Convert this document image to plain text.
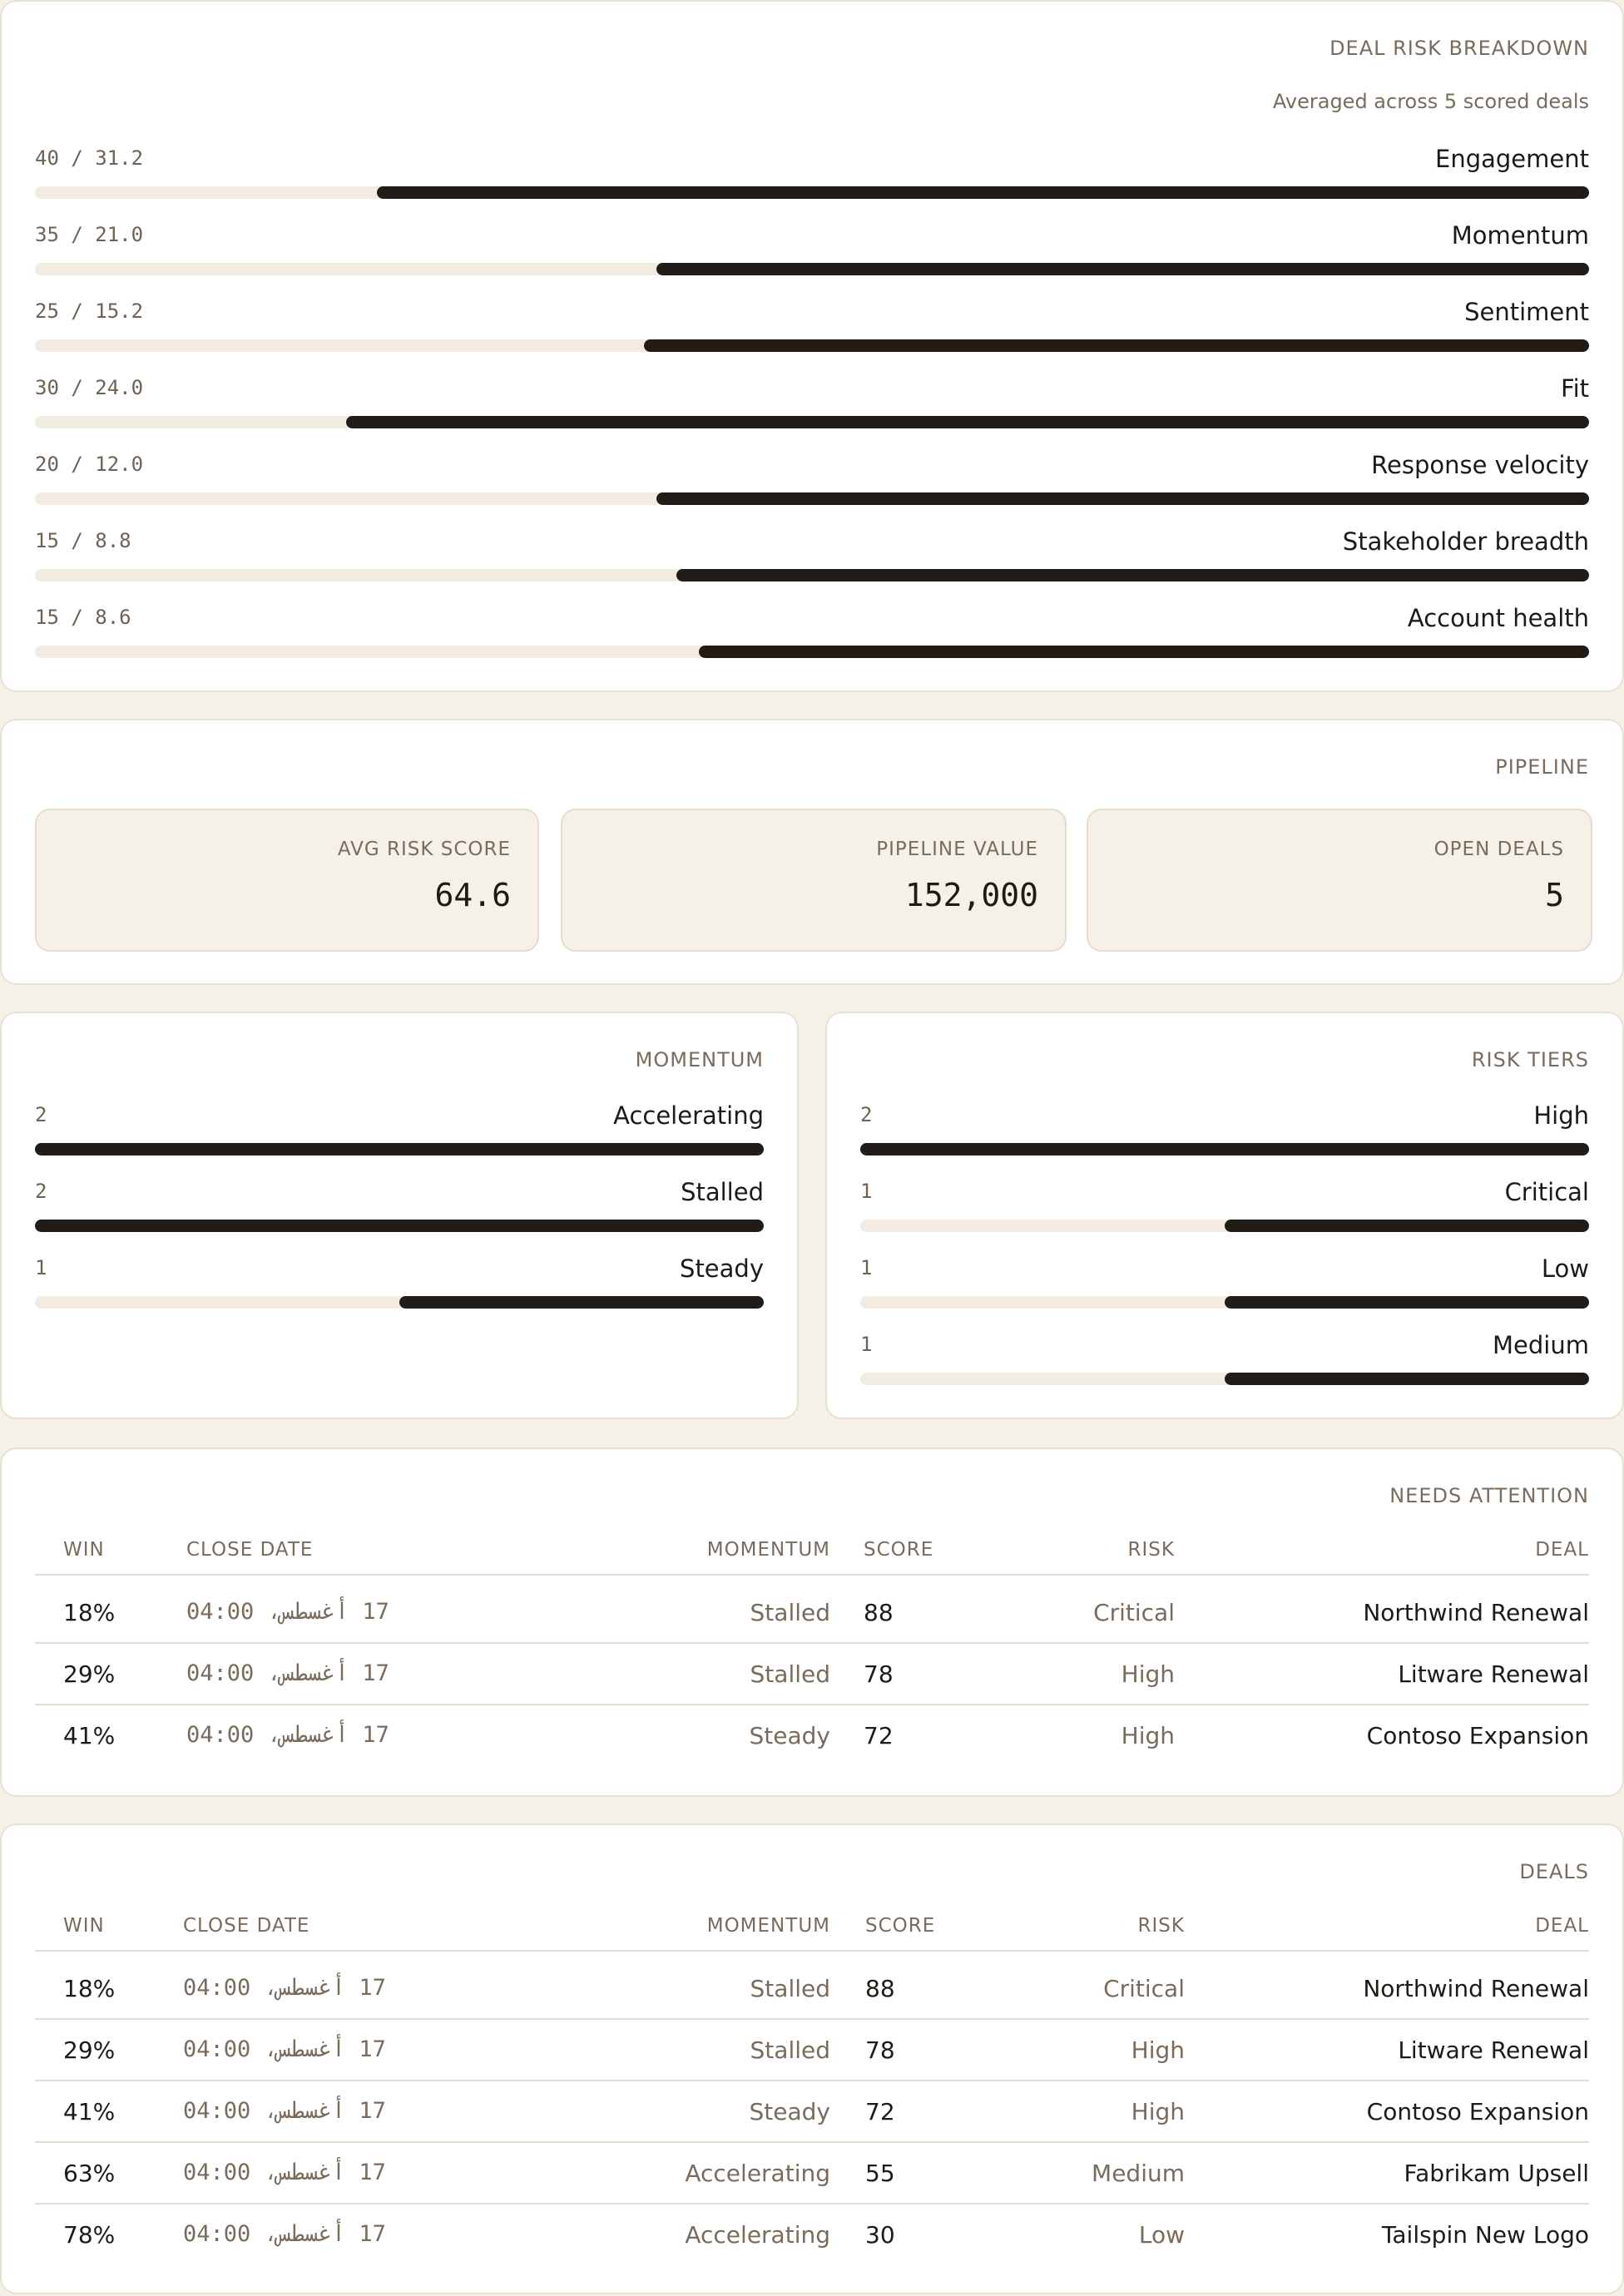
DEAL RISK BREAKDOWN
Averaged across 5 scored deals
40 / 31.2	Engagement
35 / 21.0	Momentum
25 / 15.2	Sentiment
30 / 24.0	Fit
20 / 12.0	Response velocity
15 / 8.8	Stakeholder breadth
15 / 8.6	Account health
PIPELINE
AVG RISK SCORE
64.6
PIPELINE VALUE
152,000
OPEN DEALS
5
MOMENTUM
2	Accelerating
2	Stalled
1	Steady
RISK TIERS
2	High
1	Critical
1	Low
1	Medium
NEEDS ATTENTION
WIN	CLOSE DATE	MOMENTUM SCORE	RISK	DEAL
18%	17 أغسطس، 04:00	Stalled 88	Critical	Northwind Renewal
29%	17 أغسطس، 04:00	Stalled 78	High	Litware Renewal
41%	17 أغسطس، 04:00	Steady 72	High	Contoso Expansion
DEALS
WIN	CLOSE DATE	MOMENTUM SCORE	RISK	DEAL
18%	17 أغسطس، 04:00	Stalled 88	Critical	Northwind Renewal
29%	17 أغسطس، 04:00	Stalled 78	High	Litware Renewal
41%	17 أغسطس، 04:00	Steady 72	High	Contoso Expansion
63%	17 أغسطس، 04:00	Accelerating 55	Medium	Fabrikam Upsell
78%	17 أغسطس، 04:00	Accelerating 30	Low	Tailspin New Logo
